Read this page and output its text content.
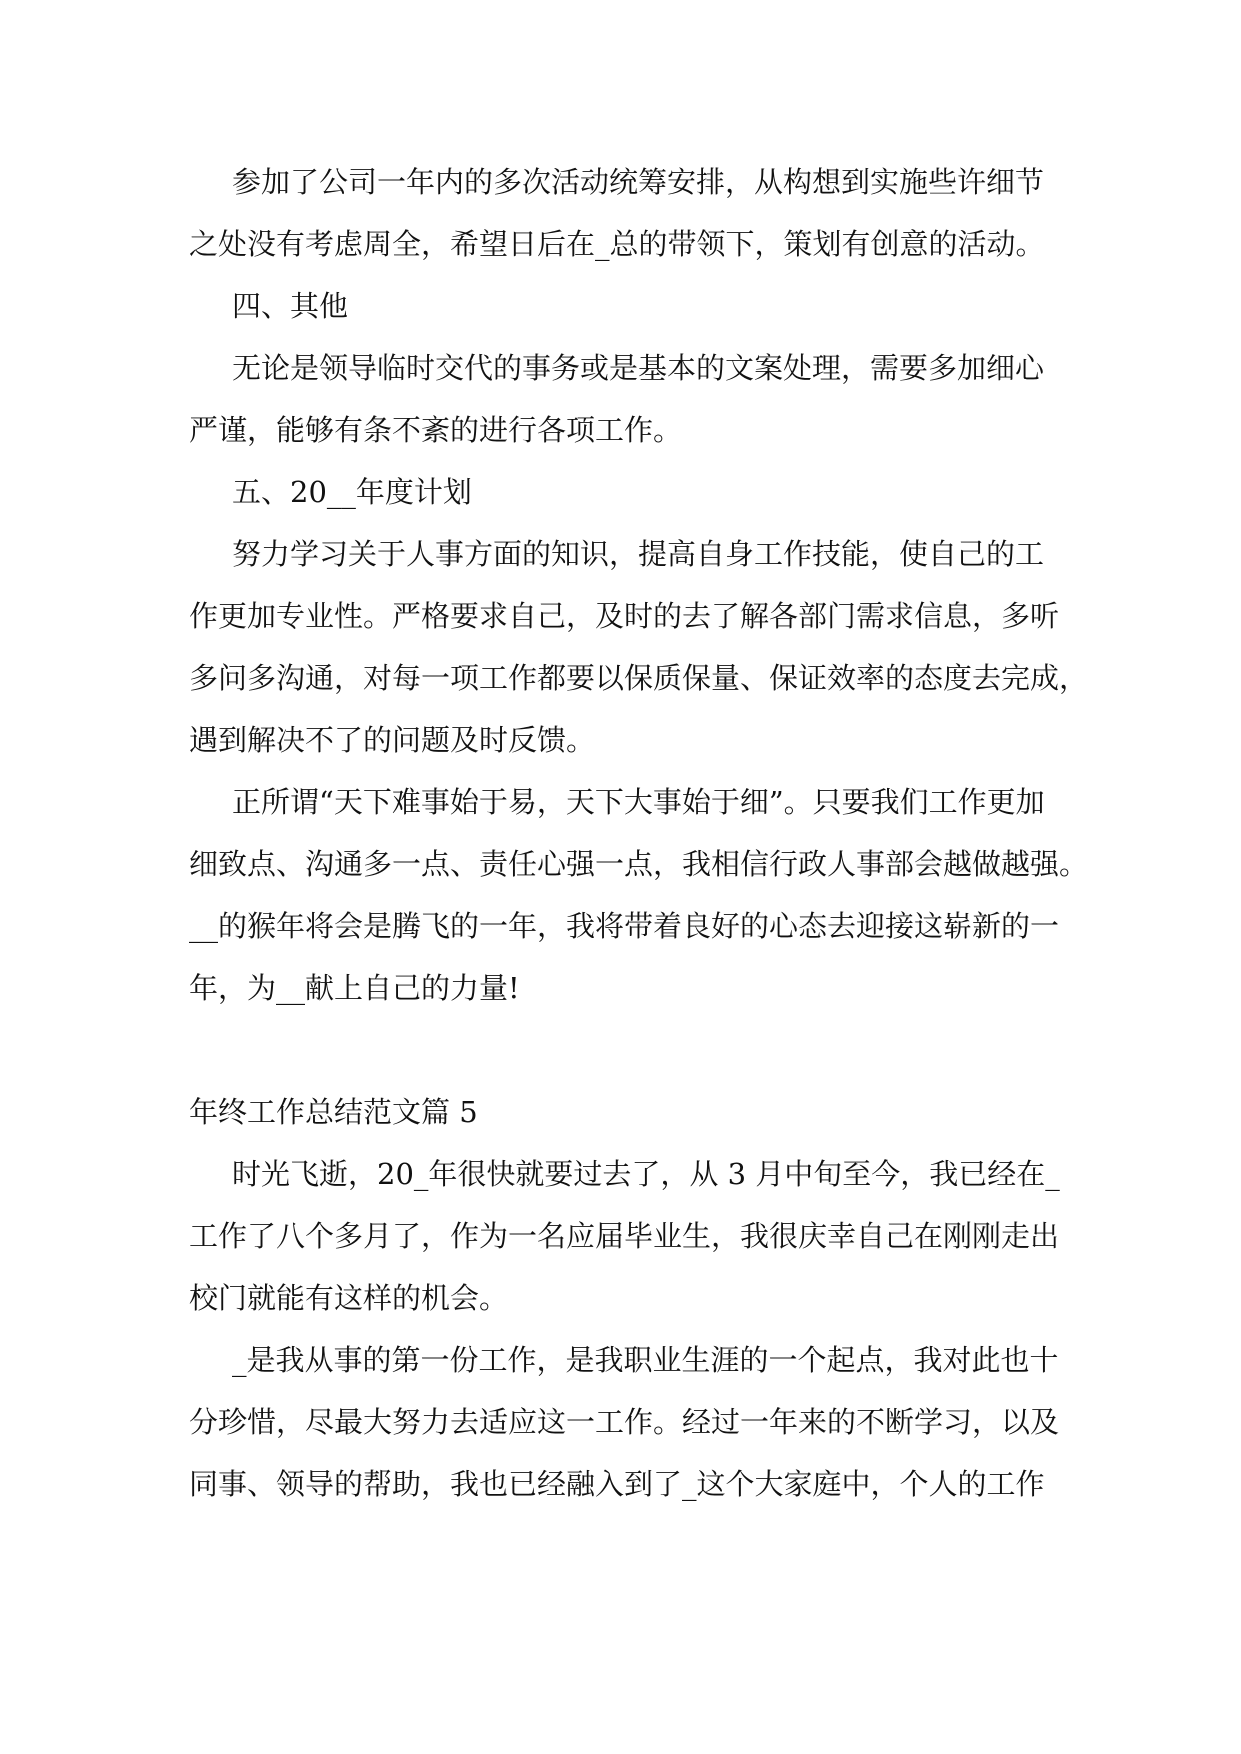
参加了公司一年内的多次活动统筹安排，从构想到实施些许细节
之处没有考虑周全，希望日后在_总的带领下，策划有创意的活动。
四、其他
无论是领导临时交代的事务或是基本的文案处理，需要多加细心
严谨，能够有条不紊的进行各项工作。
五、20__年度计划
努力学习关于人事方面的知识，提高自身工作技能，使自己的工
作更加专业性。严格要求自己，及时的去了解各部门需求信息，多听
多问多沟通，对每一项工作都要以保质保量、保证效率的态度去完成，
遇到解决不了的问题及时反馈。
正所谓“天下难事始于易，天下大事始于细”。只要我们工作更加
细致点、沟通多一点、责任心强一点，我相信行政人事部会越做越强。
__的猴年将会是腾飞的一年，我将带着良好的心态去迎接这崭新的一
年，为__献上自己的力量!
年终工作总结范文篇 5
时光飞逝，20_年很快就要过去了，从 3 月中旬至今，我已经在_
工作了八个多月了，作为一名应届毕业生，我很庆幸自己在刚刚走出
校门就能有这样的机会。
_是我从事的第一份工作，是我职业生涯的一个起点，我对此也十
分珍惜，尽最大努力去适应这一工作。经过一年来的不断学习，以及
同事、领导的帮助，我也已经融入到了_这个大家庭中，个人的工作
